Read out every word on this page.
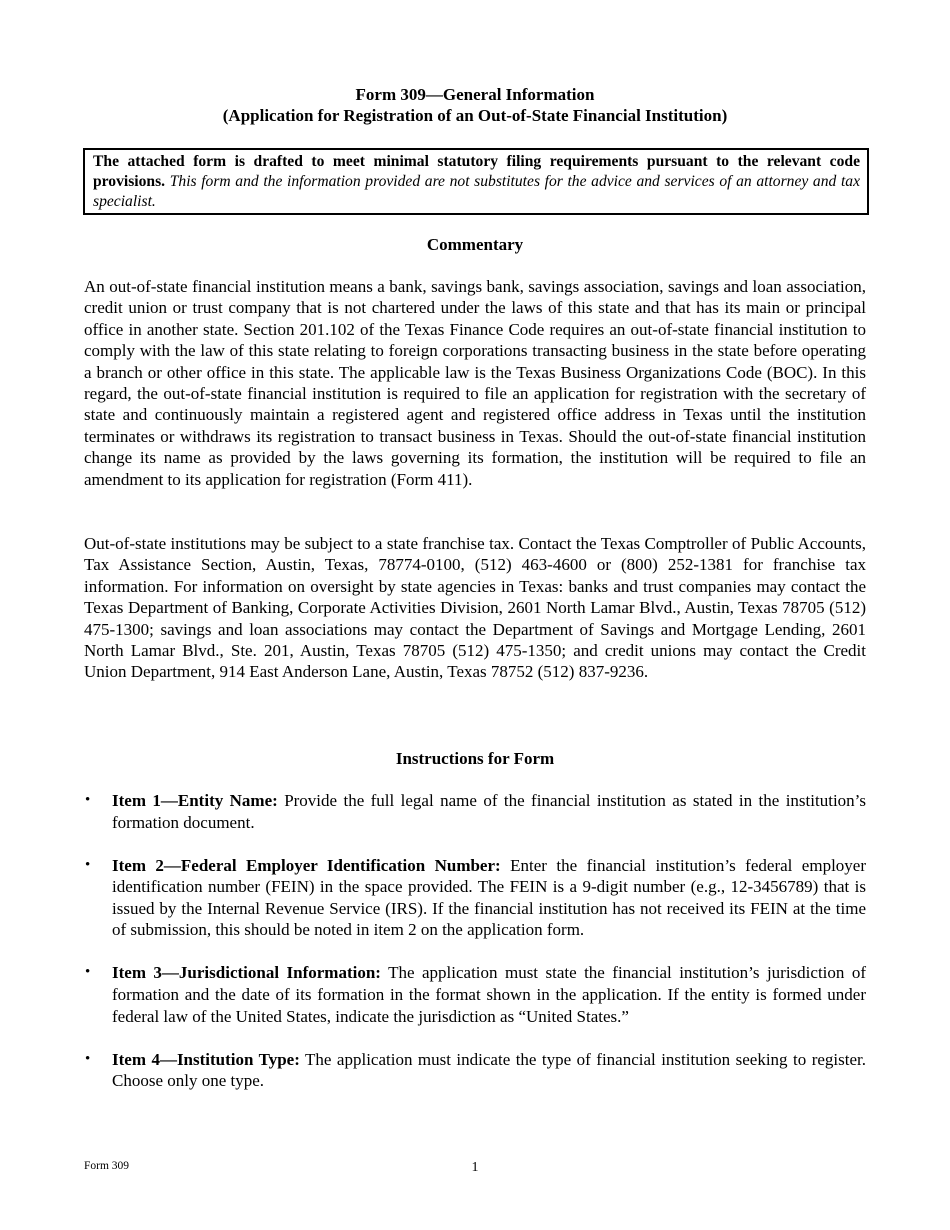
Form 309—General Information
(Application for Registration of an Out-of-State Financial Institution)
The attached form is drafted to meet minimal statutory filing requirements pursuant to the relevant code provisions. This form and the information provided are not substitutes for the advice and services of an attorney and tax specialist.
Commentary
An out-of-state financial institution means a bank, savings bank, savings association, savings and loan association, credit union or trust company that is not chartered under the laws of this state and that has its main or principal office in another state. Section 201.102 of the Texas Finance Code requires an out-of-state financial institution to comply with the law of this state relating to foreign corporations transacting business in the state before operating a branch or other office in this state. The applicable law is the Texas Business Organizations Code (BOC). In this regard, the out-of-state financial institution is required to file an application for registration with the secretary of state and continuously maintain a registered agent and registered office address in Texas until the institution terminates or withdraws its registration to transact business in Texas. Should the out-of-state financial institution change its name as provided by the laws governing its formation, the institution will be required to file an amendment to its application for registration (Form 411).
Out-of-state institutions may be subject to a state franchise tax. Contact the Texas Comptroller of Public Accounts, Tax Assistance Section, Austin, Texas, 78774-0100, (512) 463-4600 or (800) 252-1381 for franchise tax information. For information on oversight by state agencies in Texas: banks and trust companies may contact the Texas Department of Banking, Corporate Activities Division, 2601 North Lamar Blvd., Austin, Texas 78705 (512) 475-1300; savings and loan associations may contact the Department of Savings and Mortgage Lending, 2601 North Lamar Blvd., Ste. 201, Austin, Texas 78705 (512) 475-1350; and credit unions may contact the Credit Union Department, 914 East Anderson Lane, Austin, Texas 78752 (512) 837-9236.
Instructions for Form
• Item 1—Entity Name: Provide the full legal name of the financial institution as stated in the institution’s formation document.
• Item 2—Federal Employer Identification Number: Enter the financial institution’s federal employer identification number (FEIN) in the space provided. The FEIN is a 9-digit number (e.g., 12-3456789) that is issued by the Internal Revenue Service (IRS). If the financial institution has not received its FEIN at the time of submission, this should be noted in item 2 on the application form.
• Item 3—Jurisdictional Information: The application must state the financial institution’s jurisdiction of formation and the date of its formation in the format shown in the application. If the entity is formed under federal law of the United States, indicate the jurisdiction as “United States.”
• Item 4—Institution Type: The application must indicate the type of financial institution seeking to register. Choose only one type.
Form 309	1
